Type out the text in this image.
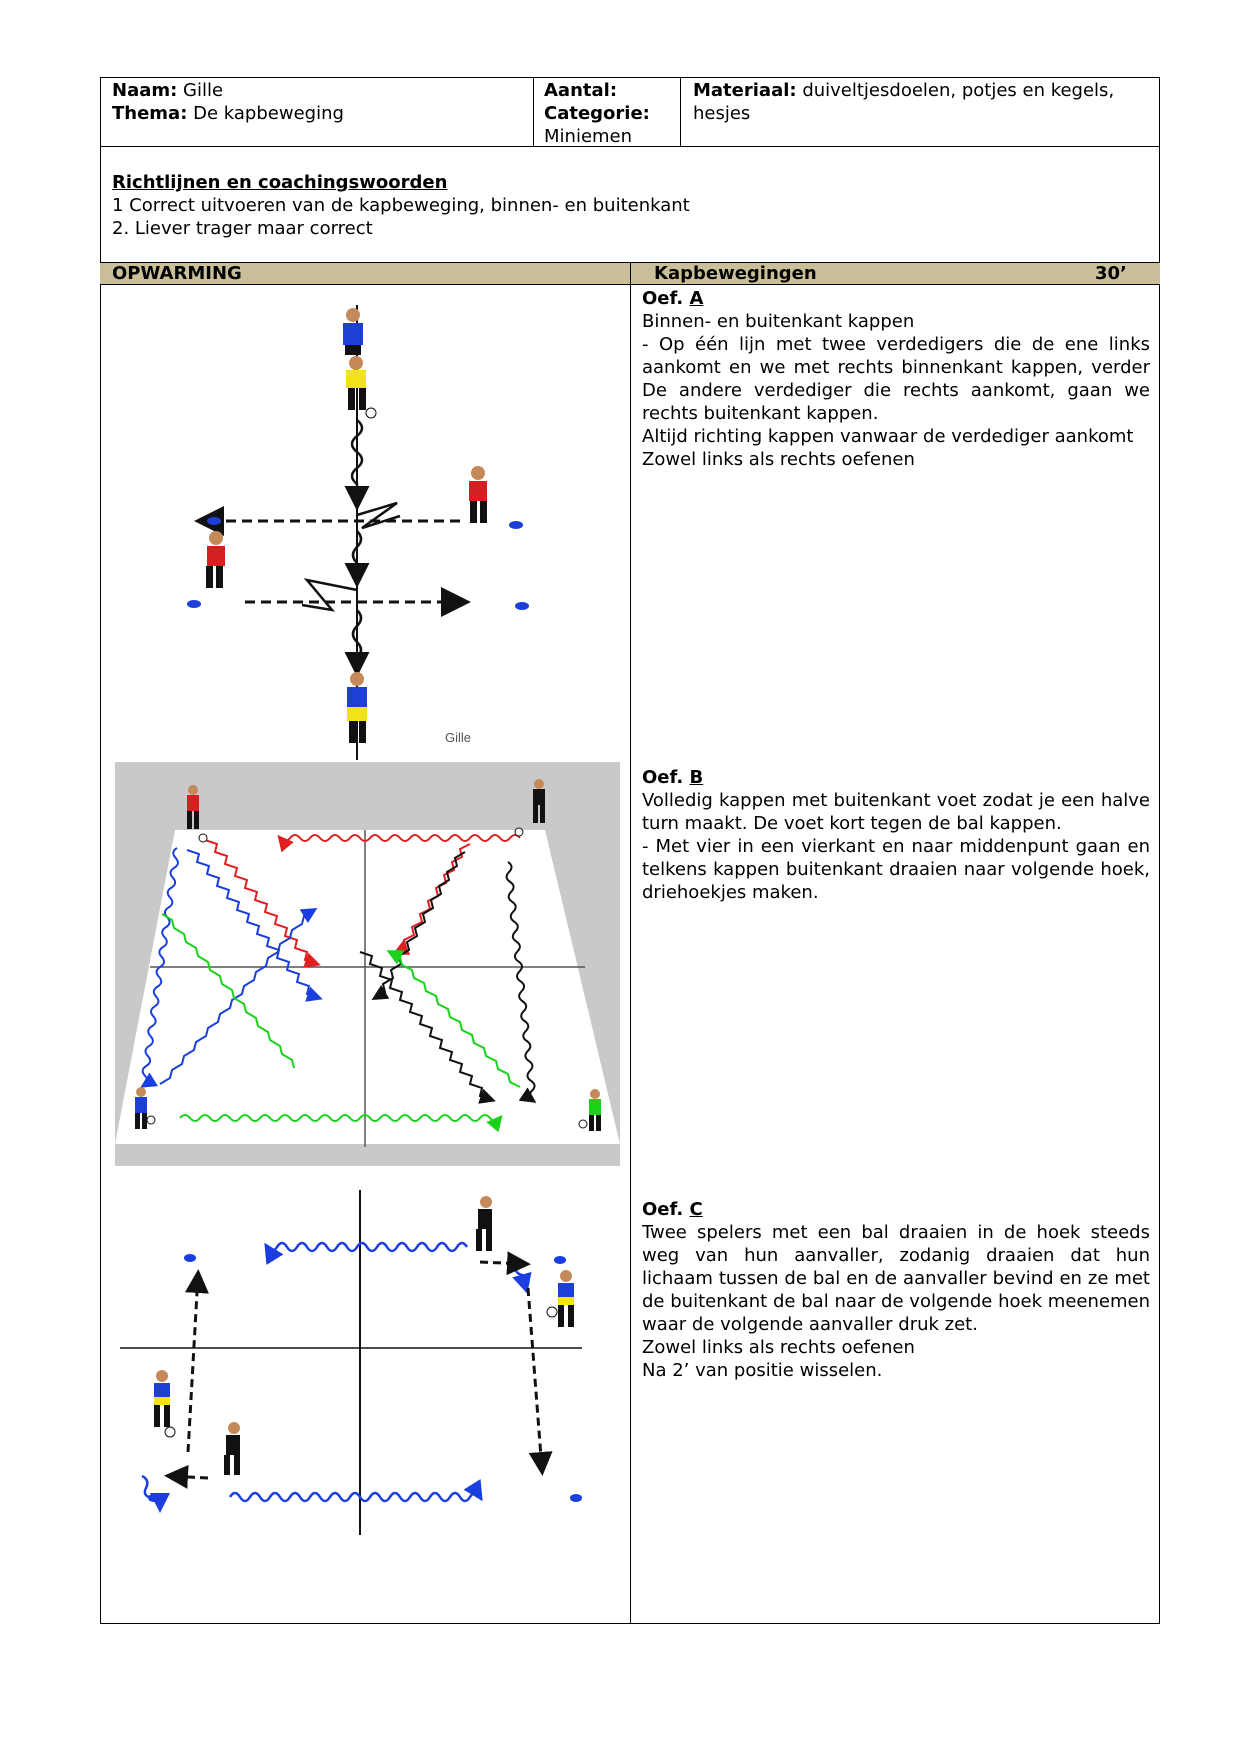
Naam: Gille
Thema: De kapbeweging
Aantal:
Categorie:
Miniemen
Materiaal: duiveltjesdoelen, potjes en kegels, hesjes
Richtlijnen en coachingswoorden
1 Correct uitvoeren van de kapbeweging, binnen- en buitenkant
2. Liever trager maar correct
OPWARMING	Kapbewegingen	30’
Oef. A
Binnen- en buitenkant kappen
- Op één lijn met twee verdedigers die de ene links aankomt en we met rechts binnenkant kappen, verder De andere verdediger die rechts aankomt, gaan we rechts buitenkant kappen.
Altijd richting kappen vanwaar de verdediger aankomt
Zowel links als rechts oefenen
Oef. B
Volledig kappen met buitenkant voet zodat je een halve turn maakt. De voet kort tegen de bal kappen.
- Met vier in een vierkant en naar middenpunt gaan en telkens kappen buitenkant draaien naar volgende hoek, driehoekjes maken.
Oef. C
Twee spelers met een bal draaien in de hoek steeds weg van hun aanvaller, zodanig draaien dat hun lichaam tussen de bal en de aanvaller bevind en ze met de buitenkant de bal naar de volgende hoek meenemen waar de volgende aanvaller druk zet.
Zowel links als rechts oefenen
Na 2’ van positie wisselen.
Gille
